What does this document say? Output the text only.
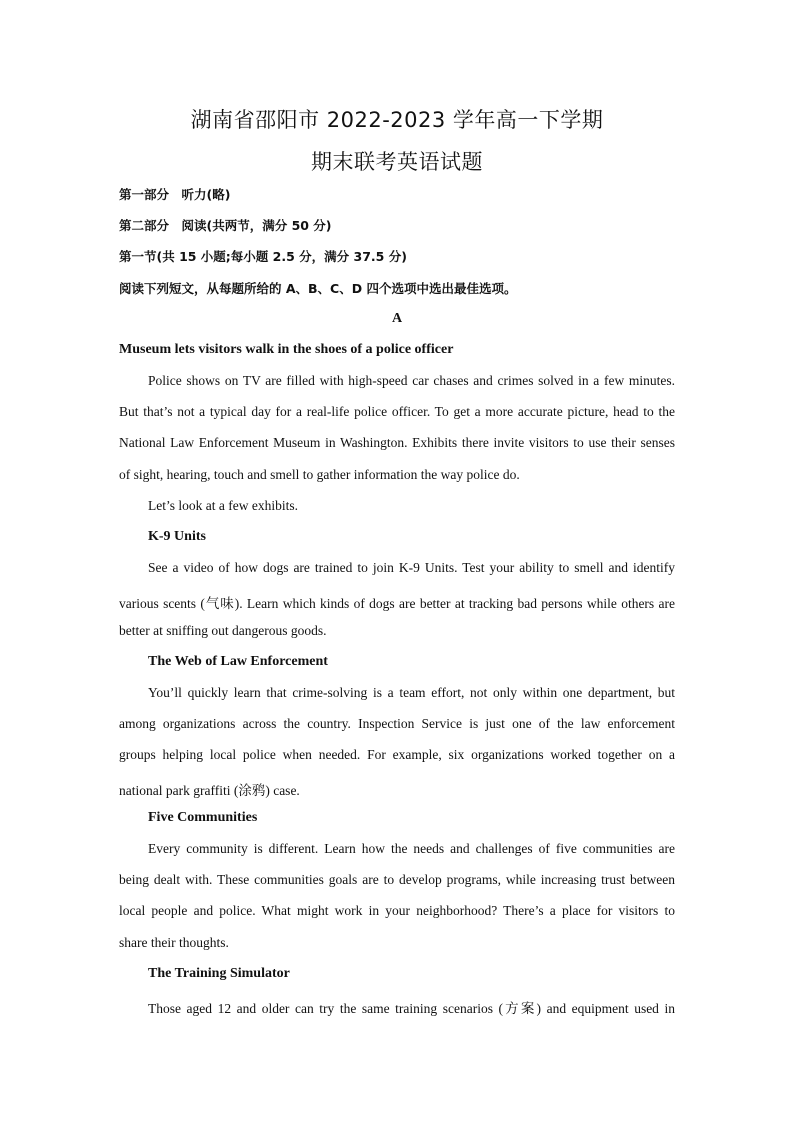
湖南省邵阳市 2022-2023 学年高一下学期
期末联考英语试题
第一部分　听力(略)
第二部分　阅读(共两节，满分 50 分)
第一节(共 15 小题;每小题 2.5 分，满分 37.5 分)
阅读下列短文，从每题所给的 A、B、C、D 四个选项中选出最佳选项。
A
Museum lets visitors walk in the shoes of a police officer
Police shows on TV are filled with high-speed car chases and crimes solved in a few minutes.
But that’s not a typical day for a real-life police officer. To get a more accurate picture, head to the
National Law Enforcement Museum in Washington. Exhibits there invite visitors to use their senses
of sight, hearing, touch and smell to gather information the way police do.
Let’s look at a few exhibits.
K-9 Units
See a video of how dogs are trained to join K-9 Units. Test your ability to smell and identify
various scents (气味). Learn which kinds of dogs are better at tracking bad persons while others are
better at sniffing out dangerous goods.
The Web of Law Enforcement
You’ll quickly learn that crime-solving is a team effort, not only within one department, but
among organizations across the country. Inspection Service is just one of the law enforcement
groups helping local police when needed. For example, six organizations worked together on a
national park graffiti (涂鸦) case.
Five Communities
Every community is different. Learn how the needs and challenges of five communities are
being dealt with. These communities goals are to develop programs, while increasing trust between
local people and police. What might work in your neighborhood? There’s a place for visitors to
share their thoughts.
The Training Simulator
Those aged 12 and older can try the same training scenarios (方案) and equipment used in
